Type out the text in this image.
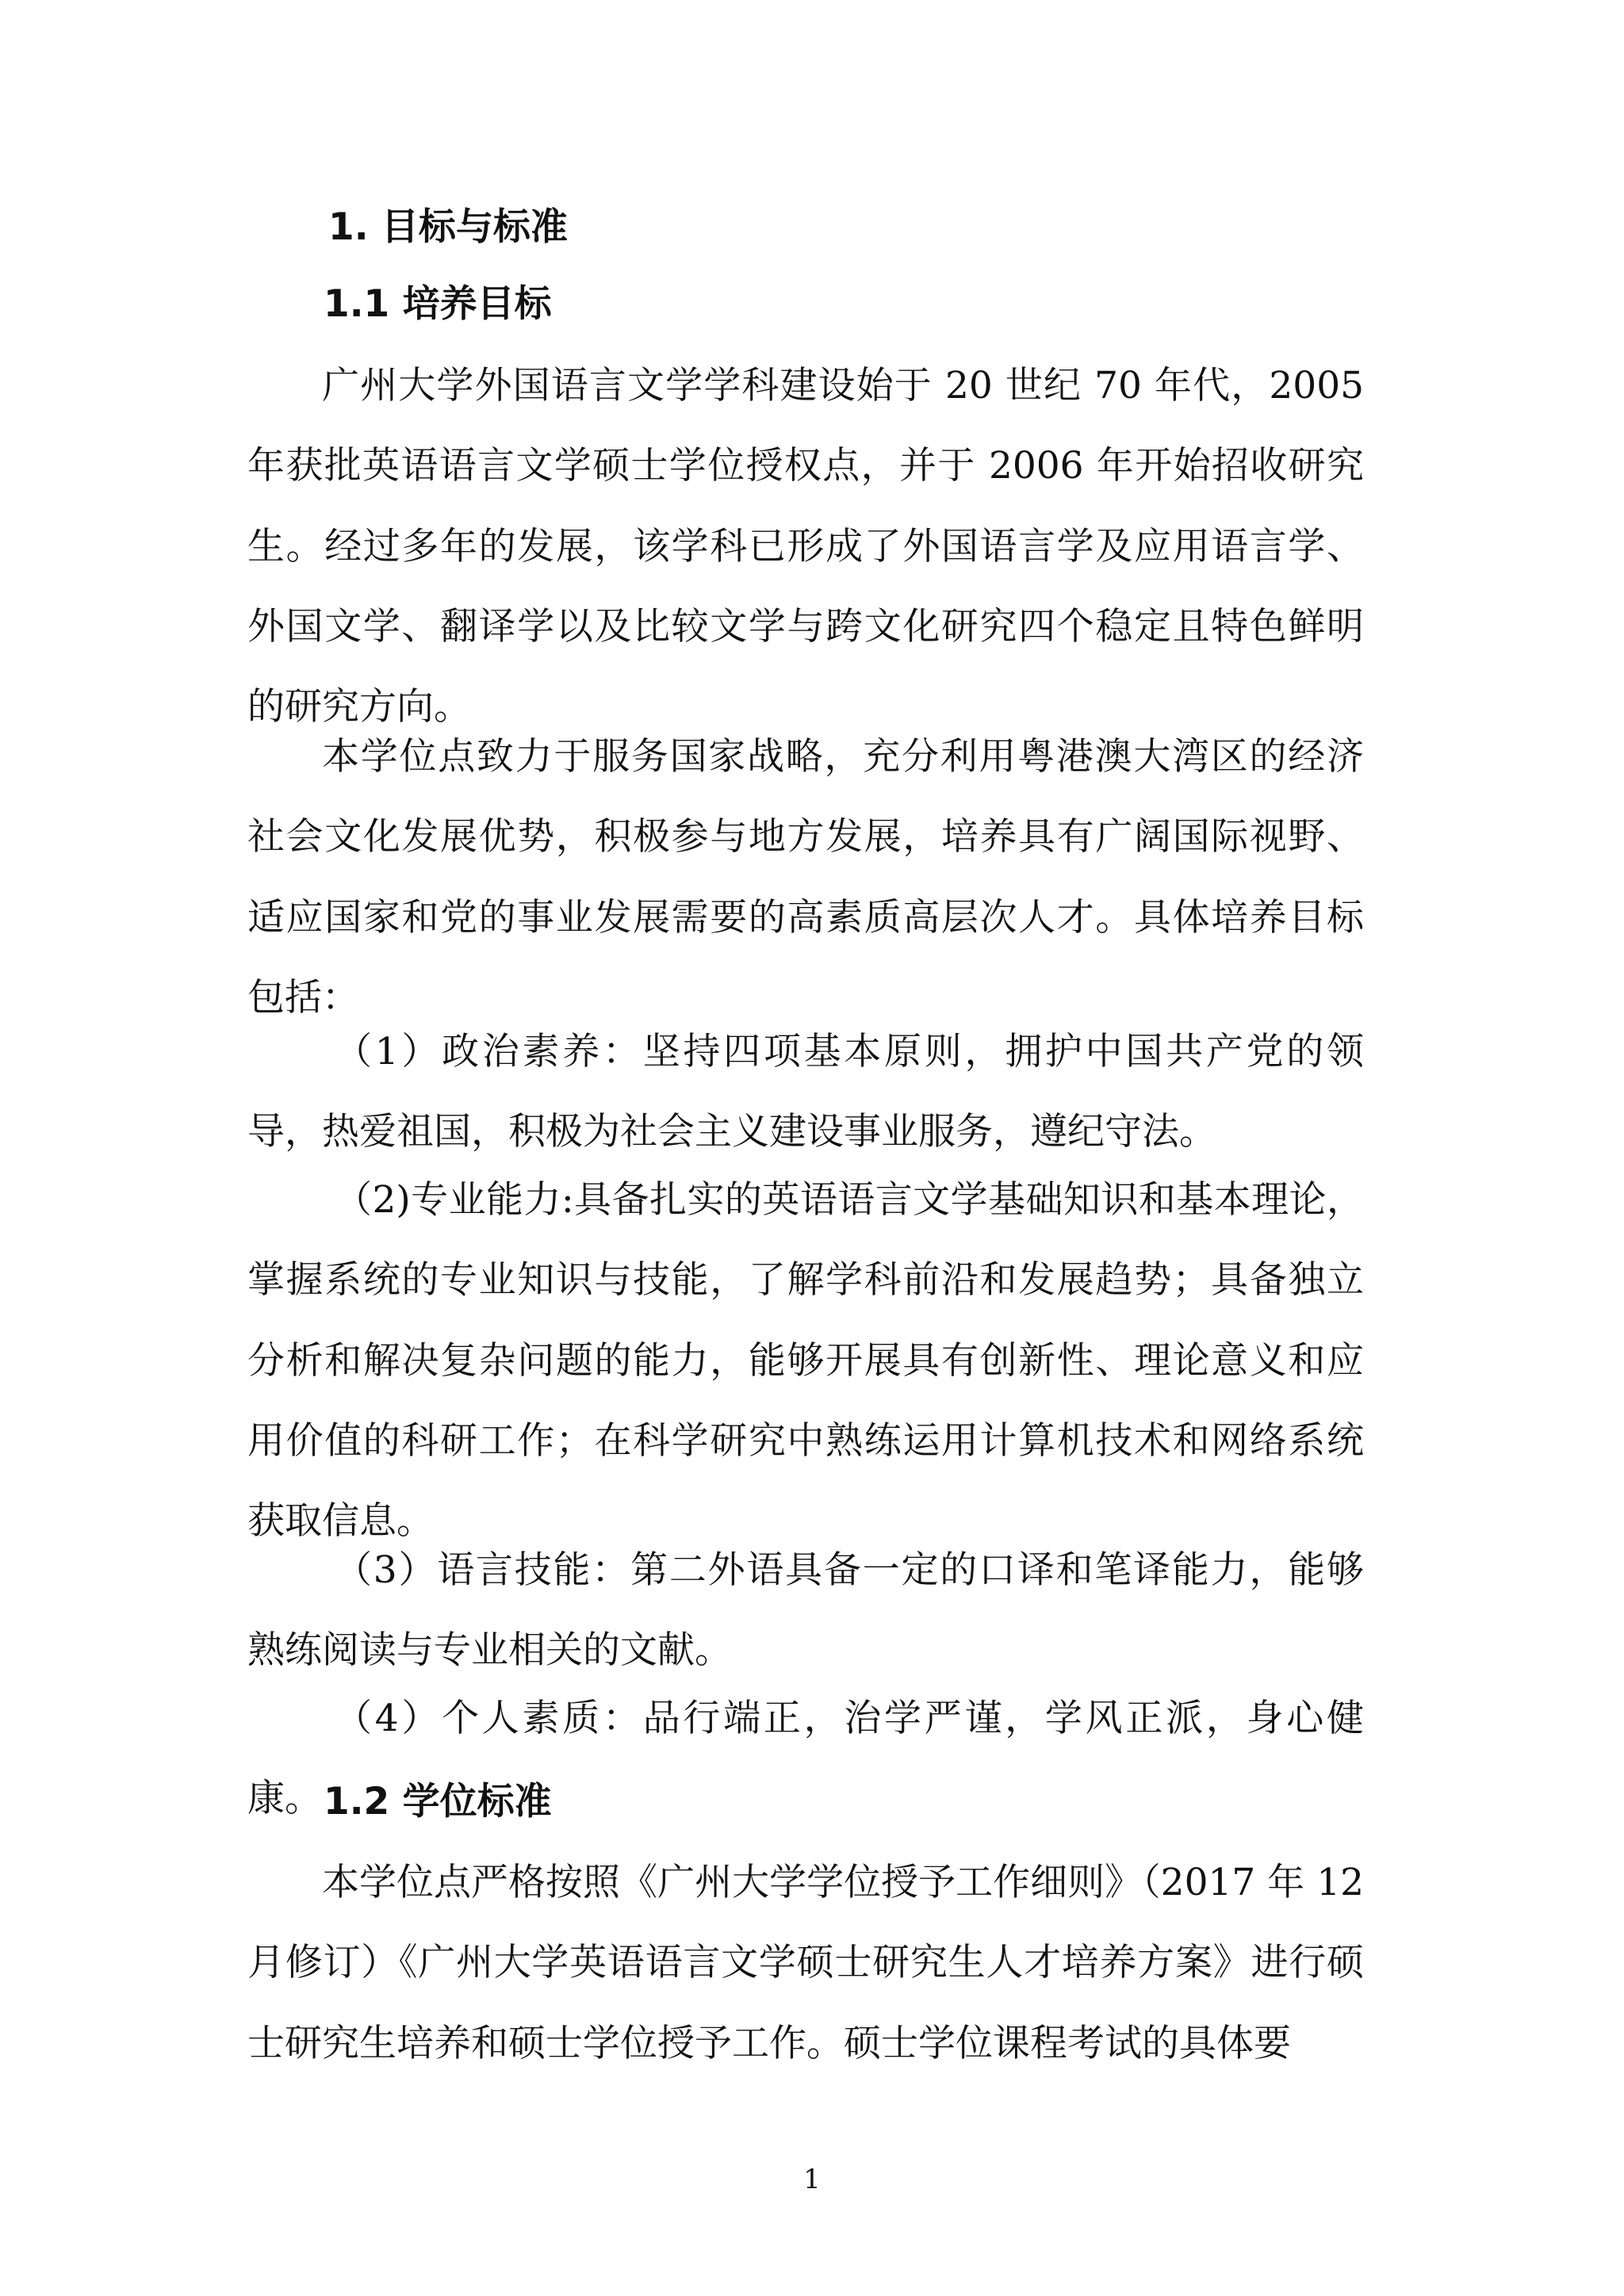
1. 目标与标准
1.1 培养目标
广州大学外国语言文学学科建设始于 20 世纪 70 年代，2005 年获批英语语言文学硕士学位授权点，并于 2006 年开始招收研究生。经过多年的发展，该学科已形成了外国语言学及应用语言学、外国文学、翻译学以及比较文学与跨文化研究四个稳定且特色鲜明的研究方向。
本学位点致力于服务国家战略，充分利用粤港澳大湾区的经济社会文化发展优势，积极参与地方发展，培养具有广阔国际视野、适应国家和党的事业发展需要的高素质高层次人才。具体培养目标包括：
（1）政治素养：坚持四项基本原则，拥护中国共产党的领导，热爱祖国，积极为社会主义建设事业服务，遵纪守法。
（2)专业能力:具备扎实的英语语言文学基础知识和基本理论，掌握系统的专业知识与技能，了解学科前沿和发展趋势；具备独立分析和解决复杂问题的能力，能够开展具有创新性、理论意义和应用价值的科研工作；在科学研究中熟练运用计算机技术和网络系统获取信息。
（3）语言技能：第二外语具备一定的口译和笔译能力，能够熟练阅读与专业相关的文献。
（4）个人素质：品行端正，治学严谨，学风正派，身心健康。 1.2 学位标准
本学位点严格按照《广州大学学位授予工作细则》（2017 年 12 月修订）《广州大学英语语言文学硕士研究生人才培养方案》进行硕士研究生培养和硕士学位授予工作。硕士学位课程考试的具体要
1
